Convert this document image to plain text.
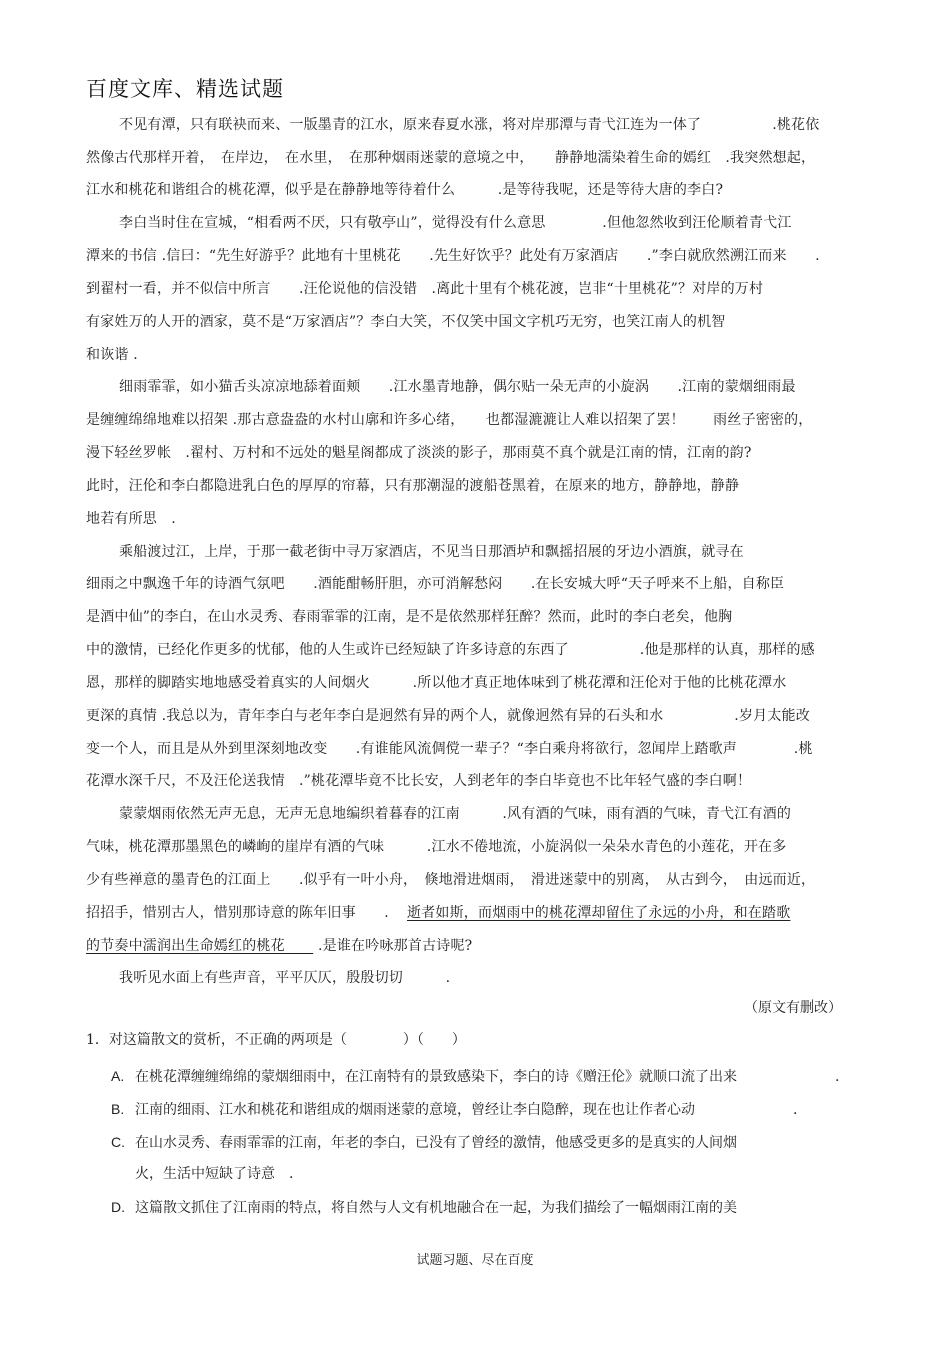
百度文库、精选试题
不见有潭，只有联袂而来、一版墨青的江水，原来春夏水涨，将对岸那潭与青弋江连为一体了　　　　　.桃花依
然像古代那样开着，　在岸边，　在水里，　在那种烟雨迷蒙的意境之中，　　静静地濡染着生命的嫣红　.我突然想起，
江水和桃花和谐组合的桃花潭，似乎是在静静地等待着什么　　　.是等待我呢，还是等待大唐的李白?
李白当时住在宣城，“相看两不厌，只有敬亭山”，觉得没有什么意思　　　　.但他忽然收到汪伦顺着青弋江
潭来的书信 .信曰：“先生好游乎？此地有十里桃花　　.先生好饮乎？此处有万家酒店　　.”李白就欣然溯江而来　　.
到翟村一看，并不似信中所言　　.汪伦说他的信没错　.离此十里有个桃花渡，岂非“十里桃花”？对岸的万村
有家姓万的人开的酒家，莫不是“万家酒店”？李白大笑，不仅笑中国文字机巧无穷，也笑江南人的机智
和诙谐 .
细雨霏霏，如小猫舌头凉凉地舔着面颊　　.江水墨青地静，偶尔贴一朵无声的小旋涡　　.江南的蒙烟细雨最
是缠缠绵绵地难以招架 .那古意盎盎的水村山廓和许多心绪，　　也都湿漉漉让人难以招架了罢！　　雨丝子密密的，
漫下轻丝罗帐　.翟村、万村和不远处的魁星阁都成了淡淡的影子，那雨莫不真个就是江南的情，江南的韵?
此时，汪伦和李白都隐进乳白色的厚厚的帘幕，只有那潮湿的渡船苍黑着，在原来的地方，静静地，静静
地若有所思　.
乘船渡过江，上岸，于那一截老街中寻万家酒店，不见当日那酒垆和飘摇招展的牙边小酒旗，就寻在
细雨之中飘逸千年的诗酒气氛吧　　.酒能酣畅肝胆，亦可消解愁闷　　.在长安城大呼“天子呼来不上船，自称臣
是酒中仙”的李白，在山水灵秀、春雨霏霏的江南，是不是依然那样狂醉？然而，此时的李白老矣，他胸
中的激情，已经化作更多的忧郁，他的人生或许已经短缺了许多诗意的东西了　　　　　.他是那样的认真，那样的感
恩，那样的脚踏实地地感受着真实的人间烟火　　　.所以他才真正地体味到了桃花潭和汪伦对于他的比桃花潭水
更深的真情 .我总以为，青年李白与老年李白是迥然有异的两个人，就像迥然有异的石头和水　　　　　.岁月太能改
变一个人，而且是从外到里深刻地改变　　.有谁能风流倜傥一辈子？“李白乘舟将欲行，忽闻岸上踏歌声　　　　.桃
花潭水深千尺，不及汪伦送我情　.”桃花潭毕竟不比长安，人到老年的李白毕竟也不比年轻气盛的李白啊！
蒙蒙烟雨依然无声无息，无声无息地编织着暮春的江南　　　.风有酒的气味，雨有酒的气味，青弋江有酒的
气味，桃花潭那墨黑色的嶙峋的崖岸有酒的气味　　　.江水不倦地流，小旋涡似一朵朵水青色的小莲花，开在多
少有些禅意的墨青色的江面上　　.似乎有一叶小舟，　倏地滑进烟雨，　滑进迷蒙中的别离，　从古到今，　由远而近，
招招手，惜别古人，惜别那诗意的陈年旧事　　. 逝者如斯，而烟雨中的桃花潭却留住了永远的小舟，和在踏歌
的节奏中濡润出生命嫣红的桃花　　 .是谁在吟咏那首古诗呢?
我听见水面上有些声音，平平仄仄，殷殷切切　　　.
（原文有删改）
1．对这篇散文的赏析，不正确的两项是（　　　　）（　　）
A. 在桃花潭缠缠绵绵的蒙烟细雨中，在江南特有的景致感染下，李白的诗《赠汪伦》就顺口流了出来　　　　　　　.
B. 江南的细雨、江水和桃花和谐组成的烟雨迷蒙的意境，曾经让李白隐醉，现在也让作者心动　　　　　　　.
C. 在山水灵秀、春雨霏霏的江南，年老的李白，已没有了曾经的激情，他感受更多的是真实的人间烟
火，生活中短缺了诗意　.
D. 这篇散文抓住了江南雨的特点，将自然与人文有机地融合在一起，为我们描绘了一幅烟雨江南的美
试题习题、尽在百度
